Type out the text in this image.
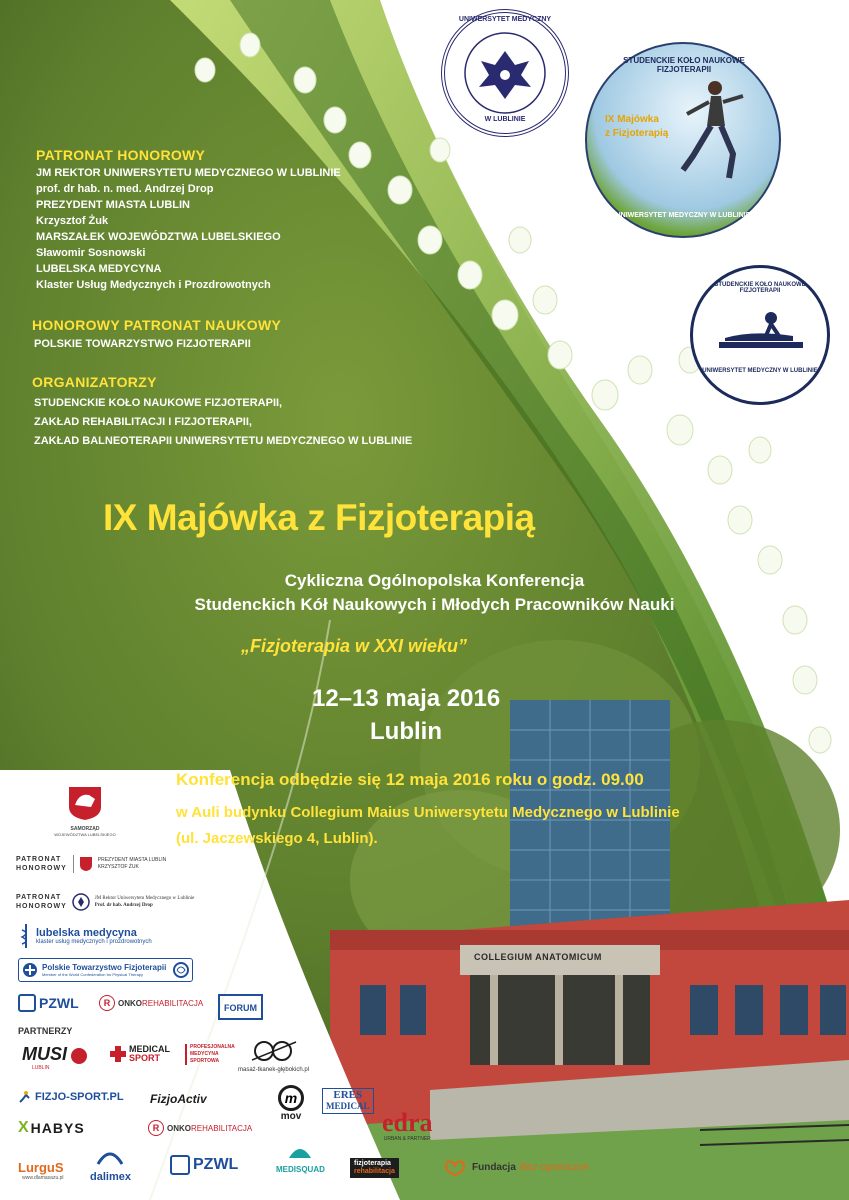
UNIWERSYTET MEDYCZNY
W LUBLINIE
STUDENCKIE KOŁO NAUKOWE FIZJOTERAPII
IX Majówka
z Fizjoterapią
UNIWERSYTET MEDYCZNY W LUBLINIE
STUDENCKIE KOŁO NAUKOWE FIZJOTERAPII
UNIWERSYTET MEDYCZNY W LUBLINIE
PATRONAT HONOROWY
JM REKTOR UNIWERSYTETU MEDYCZNEGO W LUBLINIE
prof. dr hab. n. med. Andrzej Drop
PREZYDENT MIASTA LUBLIN
Krzysztof Żuk
MARSZAŁEK WOJEWÓDZTWA LUBELSKIEGO
Sławomir Sosnowski
LUBELSKA MEDYCYNA
Klaster Usług Medycznych i Prozdrowotnych
HONOROWY PATRONAT NAUKOWY
POLSKIE TOWARZYSTWO FIZJOTERAPII
ORGANIZATORZY
STUDENCKIE KOŁO NAUKOWE FIZJOTERAPII,
ZAKŁAD REHABILITACJI I FIZJOTERAPII,
ZAKŁAD BALNEOTERAPII UNIWERSYTETU MEDYCZNEGO W LUBLINIE
IX Majówka z Fizjoterapią
Cykliczna Ogólnopolska Konferencja
Studenckich Kół Naukowych i Młodych Pracowników Nauki
„Fizjoterapia w XXI wieku”
12–13 maja 2016
Lublin
Konferencja odbędzie się 12 maja 2016 roku o godz. 09.00
w Auli budynku Collegium Maius Uniwersytetu Medycznego w Lublinie
(ul. Jaczewskiego 4, Lublin).
COLLEGIUM ANATOMICUM
SAMORZĄD
WOJEWÓDZTWA LUBELSKIEGO
PATRONAT
HONOROWY
PREZYDENT MIASTA LUBLIN
KRZYSZTOF ŻUK
PATRONAT
HONOROWY
JM Rektor Uniwersytetu Medycznego w Lublinie
Prof. dr hab. Andrzej Drop
lubelska medycyna
klaster usług medycznych i prozdrowotnych
Polskie Towarzystwo Fizjoterapii
Member of the World Confederation for Physical Therapy
PZWL	R ONKO REHABILITACJA	FORUM
PARTNERZY
MUSI
LUBLIN
MEDICAL
SPORT
PROFESJONALNA MEDYCYNA SPORTOWA
masaż-tkanek-głębokich.pl
FIZJO-SPORT.PL FizjoActiv	m
mov
ERES
MEDICAL
X HABYS	R ONKO REHABILITACJA	edra
URBAN & PARTNER
LurguS
www.dlamasazu.pl dalimex
PZWL	MEDISQUAD
fizjoterapia
rehabilitacja	Fundacja Bez ograniczeń
